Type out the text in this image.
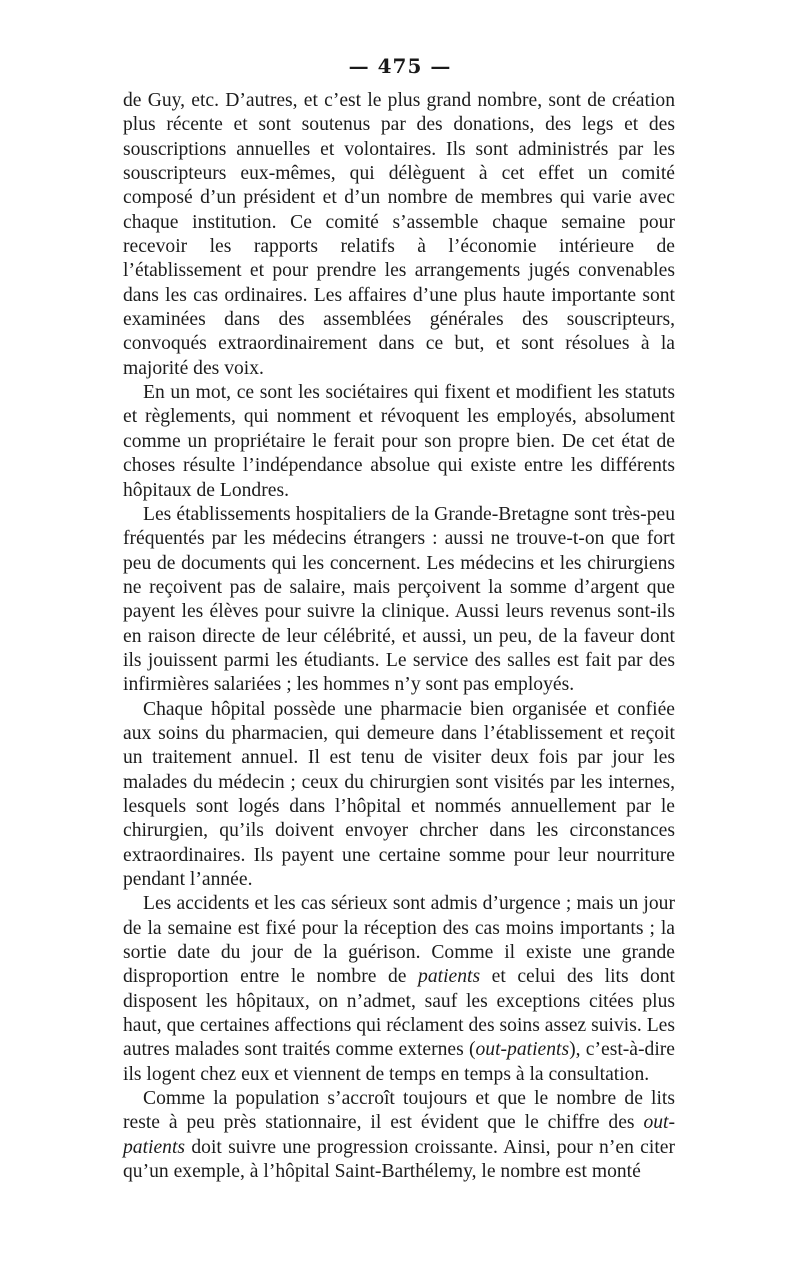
— 475 —

de Guy, etc. D’autres, et c’est le plus grand nombre, sont de création plus récente et sont soutenus par des donations, des legs et des souscriptions annuelles et volontaires. Ils sont administrés par les souscripteurs eux-mêmes, qui délèguent à cet effet un comité composé d’un président et d’un nombre de membres qui varie avec chaque institution. Ce comité s’assemble chaque semaine pour recevoir les rapports relatifs à l’économie intérieure de l’établissement et pour prendre les arrangements jugés convenables dans les cas ordinaires. Les affaires d’une plus haute importante sont examinées dans des assemblées générales des souscripteurs, convoqués extraordinairement dans ce but, et sont résolues à la majorité des voix.

En un mot, ce sont les sociétaires qui fixent et modifient les statuts et règlements, qui nomment et révoquent les employés, absolument comme un propriétaire le ferait pour son propre bien. De cet état de choses résulte l’indépendance absolue qui existe entre les différents hôpitaux de Londres.

Les établissements hospitaliers de la Grande-Bretagne sont très-peu fréquentés par les médecins étrangers : aussi ne trouve-t-on que fort peu de documents qui les concernent. Les médecins et les chirurgiens ne reçoivent pas de salaire, mais perçoivent la somme d’argent que payent les élèves pour suivre la clinique. Aussi leurs revenus sont-ils en raison directe de leur célébrité, et aussi, un peu, de la faveur dont ils jouissent parmi les étudiants. Le service des salles est fait par des infirmières salariées ; les hommes n’y sont pas employés.

Chaque hôpital possède une pharmacie bien organisée et confiée aux soins du pharmacien, qui demeure dans l’établissement et reçoit un traitement annuel. Il est tenu de visiter deux fois par jour les malades du médecin ; ceux du chirurgien sont visités par les internes, lesquels sont logés dans l’hôpital et nommés annuellement par le chirurgien, qu’ils doivent envoyer chrcher dans les circonstances extraordinaires. Ils payent une certaine somme pour leur nourriture pendant l’année.

Les accidents et les cas sérieux sont admis d’urgence ; mais un jour de la semaine est fixé pour la réception des cas moins importants ; la sortie date du jour de la guérison. Comme il existe une grande disproportion entre le nombre de patients et celui des lits dont disposent les hôpitaux, on n’admet, sauf les exceptions citées plus haut, que certaines affections qui réclament des soins assez suivis. Les autres malades sont traités comme externes (out-patients), c’est-à-dire ils logent chez eux et viennent de temps en temps à la consultation.

Comme la population s’accroît toujours et que le nombre de lits reste à peu près stationnaire, il est évident que le chiffre des out-patients doit suivre une progression croissante. Ainsi, pour n’en citer qu’un exemple, à l’hôpital Saint-Barthélemy, le nombre est monté
